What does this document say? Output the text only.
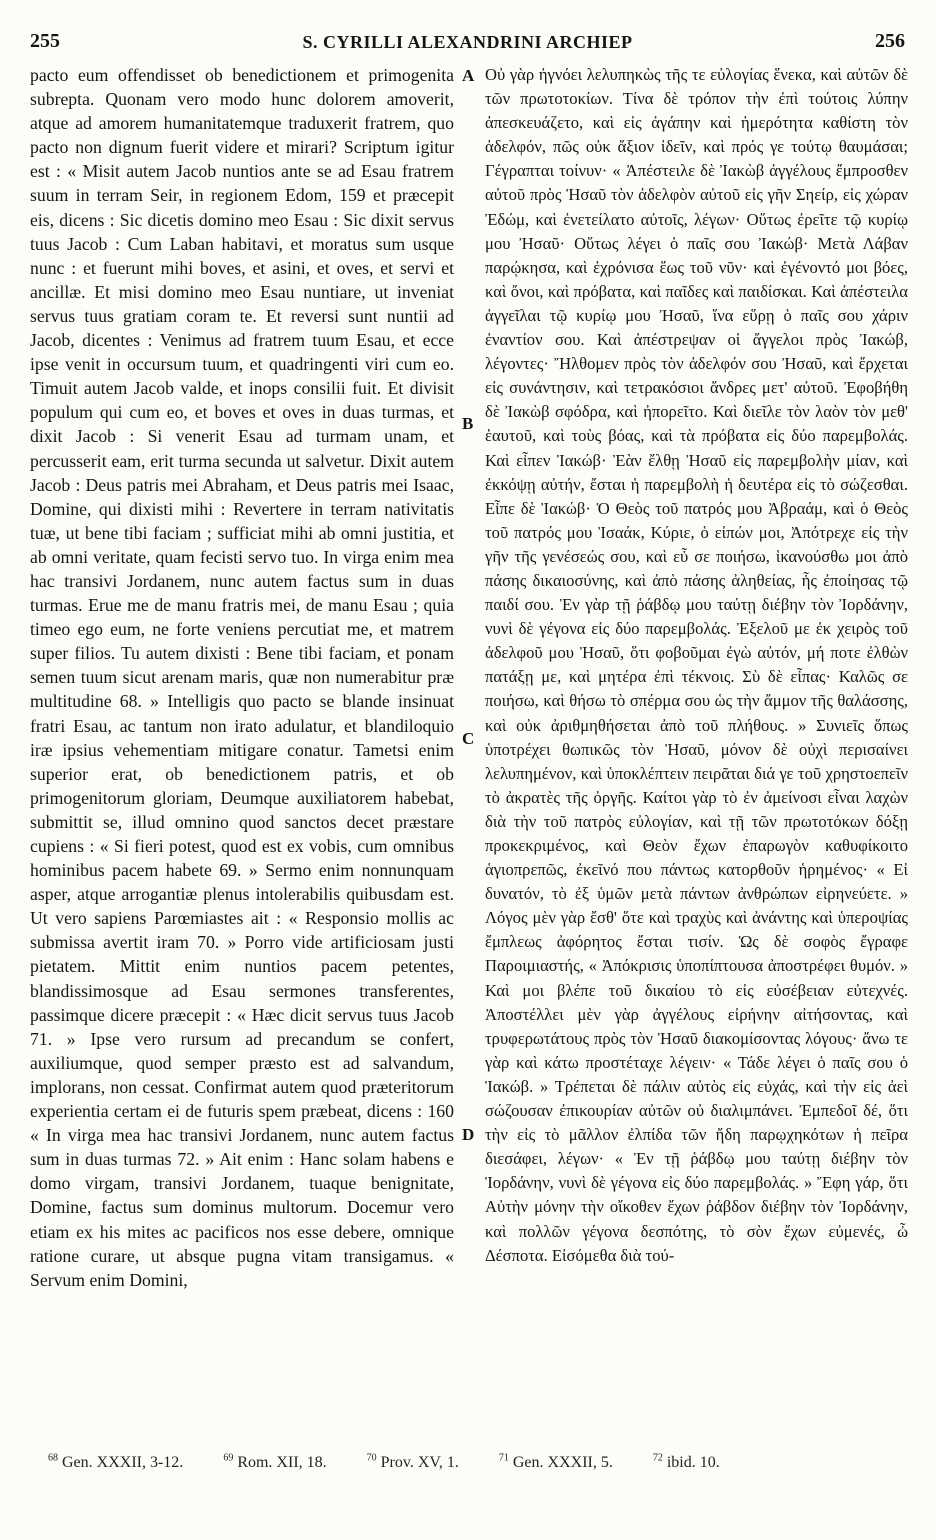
255	S. CYRILLI ALEXANDRINI ARCHIEP	256

pacto eum offendisset ob benedictionem et primogenita subrepta. Quonam vero modo hunc dolorem amoverit, atque ad amorem humanitatemque traduxerit fratrem, quo pacto non dignum fuerit videre et mirari? Scriptum igitur est : « Misit autem Jacob nuntios ante se ad Esau fratrem suum in terram Seir, in regionem Edom, 159 et præcepit eis, dicens : Sic dicetis domino meo Esau : Sic dixit servus tuus Jacob : Cum Laban habitavi, et moratus sum usque nunc : et fuerunt mihi boves, et asini, et oves, et servi et ancillæ. Et misi domino meo Esau nuntiare, ut inveniat servus tuus gratiam coram te. Et reversi sunt nuntii ad Jacob, dicentes : Venimus ad fratrem tuum Esau, et ecce ipse venit in occursum tuum, et quadringenti viri cum eo. Timuit autem Jacob valde, et inops consilii fuit. Et divisit populum qui cum eo, et boves et oves in duas turmas, et dixit Jacob : Si venerit Esau ad turmam unam, et percusserit eam, erit turma secunda ut salvetur. Dixit autem Jacob : Deus patris mei Abraham, et Deus patris mei Isaac, Domine, qui dixisti mihi : Revertere in terram nativitatis tuæ, ut bene tibi faciam ; sufficiat mihi ab omni justitia, et ab omni veritate, quam fecisti servo tuo. In virga enim mea hac transivi Jordanem, nunc autem factus sum in duas turmas. Erue me de manu fratris mei, de manu Esau ; quia timeo ego eum, ne forte veniens percutiat me, et matrem super filios. Tu autem dixisti : Bene tibi faciam, et ponam semen tuum sicut arenam maris, quæ non numerabitur præ multitudine 68. » Intelligis quo pacto se blande insinuat fratri Esau, ac tantum non irato adulatur, et blandiloquio iræ ipsius vehementiam mitigare conatur. Tametsi enim superior erat, ob benedictionem patris, et ob primogenitorum gloriam, Deumque auxiliatorem habebat, submittit se, illud omnino quod sanctos decet præstare cupiens : « Si fieri potest, quod est ex vobis, cum omnibus hominibus pacem habete 69. » Sermo enim nonnunquam asper, atque arrogantiæ plenus intolerabilis quibusdam est. Ut vero sapiens Parœmiastes ait : « Responsio mollis ac submissa avertit iram 70. » Porro vide artificiosam justi pietatem. Mittit enim nuntios pacem petentes, blandissimosque ad Esau sermones transferentes, passimque dicere præcepit : « Hæc dicit servus tuus Jacob 71. » Ipse vero rursum ad precandum se confert, auxiliumque, quod semper præsto est ad salvandum, implorans, non cessat. Confirmat autem quod præteritorum experientia certam ei de futuris spem præbeat, dicens : 160 « In virga mea hac transivi Jordanem, nunc autem factus sum in duas turmas 72. » Ait enim : Hanc solam habens e domo virgam, transivi Jordanem, tuaque benignitate, Domine, factus sum dominus multorum. Docemur vero etiam ex his mites ac pacificos nos esse debere, omnique ratione curare, ut absque pugna vitam transigamus. « Servum enim Domini,

A
B
C
D

Οὐ γὰρ ἠγνόει λελυπηκὼς τῆς τε εὐλογίας ἕνεκα, καὶ αὐτῶν δὲ τῶν πρωτοτοκίων. Τίνα δὲ τρόπον τὴν ἐπὶ τούτοις λύπην ἀπεσκευάζετο, καὶ εἰς ἀγάπην καὶ ἡμερότητα καθίστη τὸν ἀδελφόν, πῶς οὐκ ἄξιον ἰδεῖν, καὶ πρός γε τούτῳ θαυμάσαι; Γέγραπται τοίνυν· « Ἀπέστειλε δὲ Ἰακὼβ ἀγγέλους ἔμπροσθεν αὐτοῦ πρὸς Ἠσαῦ τὸν ἀδελφὸν αὐτοῦ εἰς γῆν Σηείρ, εἰς χώραν Ἐδώμ, καὶ ἐνετείλατο αὐτοῖς, λέγων· Οὕτως ἐρεῖτε τῷ κυρίῳ μου Ἠσαῦ· Οὕτως λέγει ὁ παῖς σου Ἰακώβ· Μετὰ Λάβαν παρῴκησα, καὶ ἐχρόνισα ἕως τοῦ νῦν· καὶ ἐγένοντό μοι βόες, καὶ ὄνοι, καὶ πρόβατα, καὶ παῖδες καὶ παιδίσκαι. Καὶ ἀπέστειλα ἀγγεῖλαι τῷ κυρίῳ μου Ἠσαῦ, ἵνα εὕρῃ ὁ παῖς σου χάριν ἐναντίον σου. Καὶ ἀπέστρεψαν οἱ ἄγγελοι πρὸς Ἰακώβ, λέγοντες· Ἤλθομεν πρὸς τὸν ἀδελφόν σου Ἠσαῦ, καὶ ἔρχεται εἰς συνάντησιν, καὶ τετρακόσιοι ἄνδρες μετ' αὐτοῦ. Ἐφοβήθη δὲ Ἰακὼβ σφόδρα, καὶ ἠπορεῖτο. Καὶ διεῖλε τὸν λαὸν τὸν μεθ' ἑαυτοῦ, καὶ τοὺς βόας, καὶ τὰ πρόβατα εἰς δύο παρεμβολάς. Καὶ εἶπεν Ἰακώβ· Ἐὰν ἔλθῃ Ἠσαῦ εἰς παρεμβολὴν μίαν, καὶ ἐκκόψῃ αὐτήν, ἔσται ἡ παρεμβολὴ ἡ δευτέρα εἰς τὸ σώζεσθαι. Εἶπε δὲ Ἰακώβ· Ὁ Θεὸς τοῦ πατρός μου Ἀβραάμ, καὶ ὁ Θεὸς τοῦ πατρός μου Ἰσαάκ, Κύριε, ὁ εἰπών μοι, Ἀπότρεχε εἰς τὴν γῆν τῆς γενέσεώς σου, καὶ εὖ σε ποιήσω, ἱκανούσθω μοι ἀπὸ πάσης δικαιοσύνης, καὶ ἀπὸ πάσης ἀληθείας, ἧς ἐποίησας τῷ παιδί σου. Ἐν γὰρ τῇ ῥάβδῳ μου ταύτῃ διέβην τὸν Ἰορδάνην, νυνὶ δὲ γέγονα εἰς δύο παρεμβολάς. Ἐξελοῦ με ἐκ χειρὸς τοῦ ἀδελφοῦ μου Ἠσαῦ, ὅτι φοβοῦμαι ἐγὼ αὐτόν, μή ποτε ἐλθὼν πατάξῃ με, καὶ μητέρα ἐπὶ τέκνοις. Σὺ δὲ εἶπας· Καλῶς σε ποιήσω, καὶ θήσω τὸ σπέρμα σου ὡς τὴν ἄμμον τῆς θαλάσσης, καὶ οὐκ ἀριθμηθήσεται ἀπὸ τοῦ πλήθους. » Συνιεῖς ὅπως ὑποτρέχει θωπικῶς τὸν Ἠσαῦ, μόνον δὲ οὐχὶ περισαίνει λελυπημένον, καὶ ὑποκλέπτειν πειρᾶται διά γε τοῦ χρηστοεπεῖν τὸ ἀκρατὲς τῆς ὀργῆς. Καίτοι γὰρ τὸ ἐν ἀμείνοσι εἶναι λαχὼν διὰ τὴν τοῦ πατρὸς εὐλογίαν, καὶ τῇ τῶν πρωτοτόκων δόξῃ προκεκριμένος, καὶ Θεὸν ἔχων ἐπαρωγὸν καθυφίκοιτο ἁγιοπρεπῶς, ἐκεῖνό που πάντως κατορθοῦν ἡρημένος· « Εἰ δυνατόν, τὸ ἐξ ὑμῶν μετὰ πάντων ἀνθρώπων εἰρηνεύετε. » Λόγος μὲν γὰρ ἔσθ' ὅτε καὶ τραχὺς καὶ ἀνάντης καὶ ὑπεροψίας ἔμπλεως ἀφόρητος ἔσται τισίν. Ὡς δὲ σοφὸς ἔγραφε Παροιμιαστής, « Ἀπόκρισις ὑποπίπτουσα ἀποστρέφει θυμόν. » Καὶ μοι βλέπε τοῦ δικαίου τὸ εἰς εὐσέβειαν εὐτεχνές. Ἀποστέλλει μὲν γὰρ ἀγγέλους εἰρήνην αἰτήσοντας, καὶ τρυφερωτάτους πρὸς τὸν Ἠσαῦ διακομίσοντας λόγους· ἄνω τε γὰρ καὶ κάτω προστέταχε λέγειν· « Τάδε λέγει ὁ παῖς σου ὁ Ἰακώβ. » Τρέπεται δὲ πάλιν αὐτὸς εἰς εὐχάς, καὶ τὴν εἰς ἀεὶ σώζουσαν ἐπικουρίαν αὐτῶν οὐ διαλιμπάνει. Ἐμπεδοῖ δέ, ὅτι τὴν εἰς τὸ μᾶλλον ἐλπίδα τῶν ἤδη παρῳχηκότων ἡ πεῖρα διεσάφει, λέγων· « Ἐν τῇ ῥάβδῳ μου ταύτῃ διέβην τὸν Ἰορδάνην, νυνὶ δὲ γέγονα εἰς δύο παρεμβολάς. » Ἔφη γάρ, ὅτι Αὐτὴν μόνην τὴν οἴκοθεν ἔχων ῥάβδον διέβην τὸν Ἰορδάνην, καὶ πολλῶν γέγονα δεσπότης, τὸ σὸν ἔχων εὐμενές, ὦ Δέσποτα. Εἰσόμεθα διὰ τού-

$^{68}$ Gen. XXXII, 3-12.	$^{69}$ Rom. XII, 18.	$^{70}$ Prov. XV, 1.	$^{71}$ Gen. XXXII, 5.	$^{72}$ ibid. 10.
